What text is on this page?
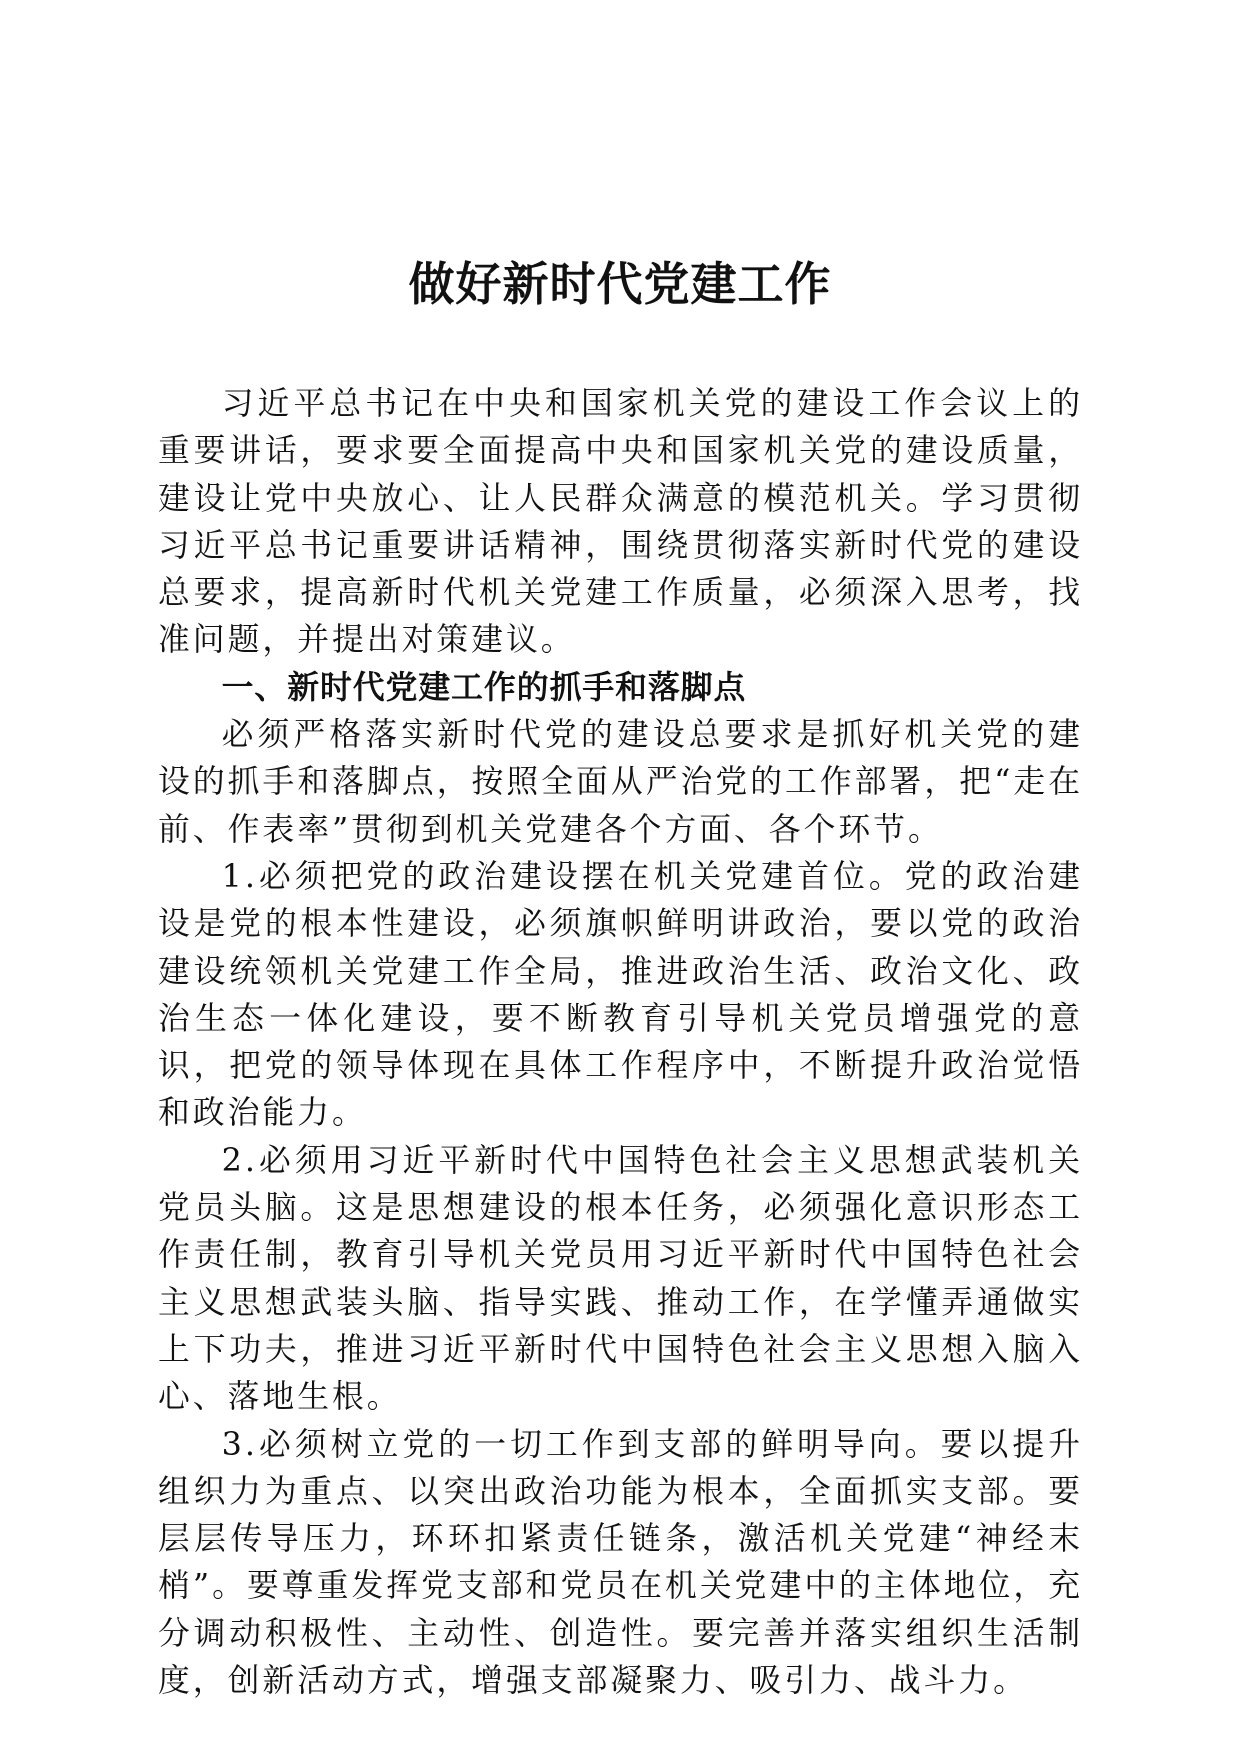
做好新时代党建工作

习近平总书记在中央和国家机关党的建设工作会议上的重要讲话，要求要全面提高中央和国家机关党的建设质量，建设让党中央放心、让人民群众满意的模范机关。学习贯彻习近平总书记重要讲话精神，围绕贯彻落实新时代党的建设总要求，提高新时代机关党建工作质量，必须深入思考，找准问题，并提出对策建议。

一、新时代党建工作的抓手和落脚点

必须严格落实新时代党的建设总要求是抓好机关党的建设的抓手和落脚点，按照全面从严治党的工作部署，把“走在前、作表率”贯彻到机关党建各个方面、各个环节。

1.必须把党的政治建设摆在机关党建首位。党的政治建设是党的根本性建设，必须旗帜鲜明讲政治，要以党的政治建设统领机关党建工作全局，推进政治生活、政治文化、政治生态一体化建设，要不断教育引导机关党员增强党的意识，把党的领导体现在具体工作程序中，不断提升政治觉悟和政治能力。

2.必须用习近平新时代中国特色社会主义思想武装机关党员头脑。这是思想建设的根本任务，必须强化意识形态工作责任制，教育引导机关党员用习近平新时代中国特色社会主义思想武装头脑、指导实践、推动工作，在学懂弄通做实上下功夫，推进习近平新时代中国特色社会主义思想入脑入心、落地生根。

3.必须树立党的一切工作到支部的鲜明导向。要以提升组织力为重点、以突出政治功能为根本，全面抓实支部。要层层传导压力，环环扣紧责任链条，激活机关党建“神经末梢”。要尊重发挥党支部和党员在机关党建中的主体地位，充分调动积极性、主动性、创造性。要完善并落实组织生活制度，创新活动方式，增强支部凝聚力、吸引力、战斗力。
